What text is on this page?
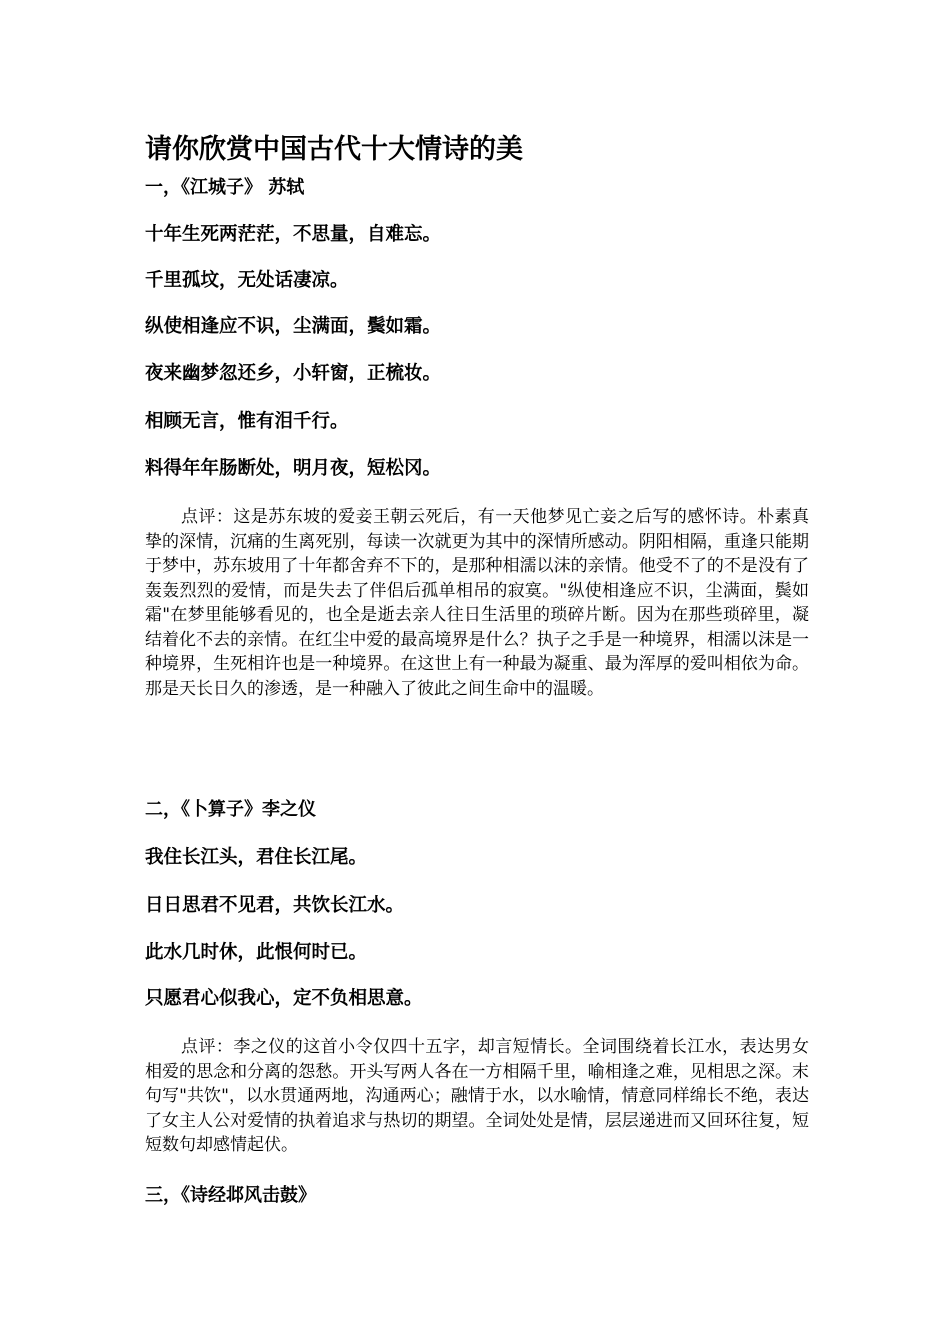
请你欣赏中国古代十大情诗的美
一，《江城子》 苏轼
十年生死两茫茫，不思量，自难忘。
千里孤坟，无处话凄凉。
纵使相逢应不识，尘满面，鬓如霜。
夜来幽梦忽还乡，小轩窗，正梳妆。
相顾无言，惟有泪千行。
料得年年肠断处，明月夜，短松冈。

点评：这是苏东坡的爱妾王朝云死后，有一天他梦见亡妾之后写的感怀诗。朴素真挚的深情，沉痛的生离死别，每读一次就更为其中的深情所感动。阴阳相隔，重逢只能期于梦中，苏东坡用了十年都舍弃不下的，是那种相濡以沫的亲情。他受不了的不是没有了轰轰烈烈的爱情，而是失去了伴侣后孤单相吊的寂寞。"纵使相逢应不识，尘满面，鬓如霜"在梦里能够看见的，也全是逝去亲人往日生活里的琐碎片断。因为在那些琐碎里，凝结着化不去的亲情。在红尘中爱的最高境界是什么？执子之手是一种境界，相濡以沫是一种境界，生死相许也是一种境界。在这世上有一种最为凝重、最为浑厚的爱叫相依为命。那是天长日久的渗透，是一种融入了彼此之间生命中的温暖。

二，《卜算子》李之仪
我住长江头，君住长江尾。
日日思君不见君，共饮长江水。
此水几时休，此恨何时已。
只愿君心似我心，定不负相思意。

点评：李之仪的这首小令仅四十五字，却言短情长。全词围绕着长江水，表达男女相爱的思念和分离的怨愁。开头写两人各在一方相隔千里，喻相逢之难，见相思之深。末句写"共饮"，以水贯通两地，沟通两心；融情于水，以水喻情，情意同样绵长不绝，表达了女主人公对爱情的执着追求与热切的期望。全词处处是情，层层递进而又回环往复，短短数句却感情起伏。

三，《诗经邶风击鼓》
